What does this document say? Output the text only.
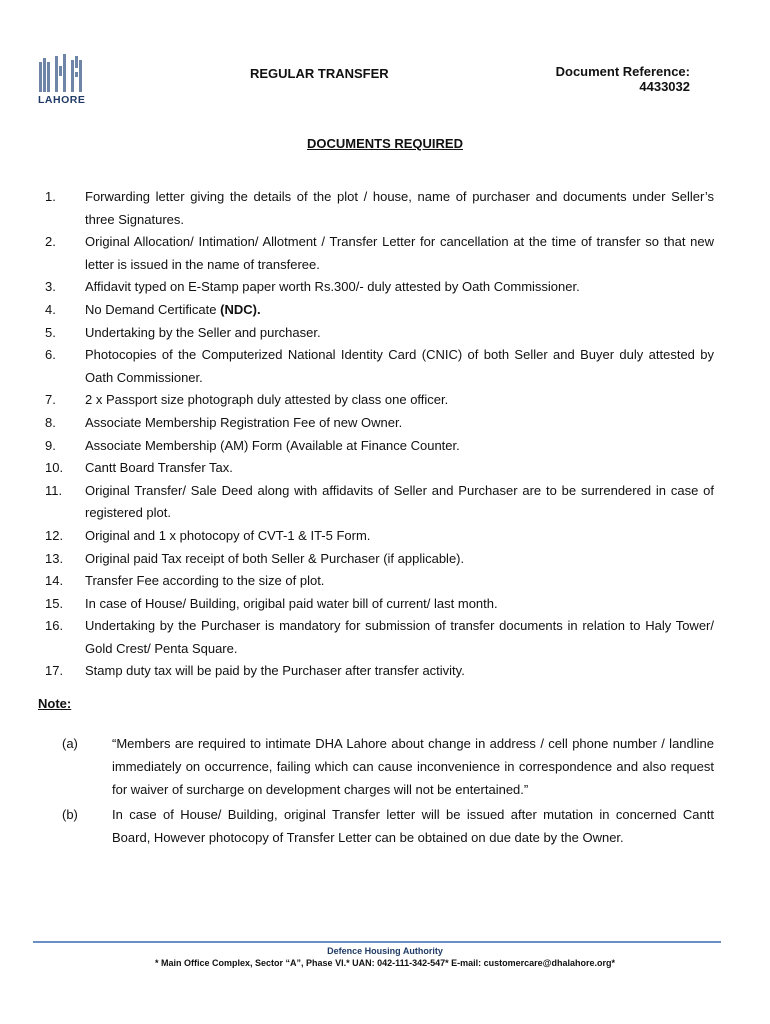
LAHORE
REGULAR TRANSFER	Document Reference:
4433032
DOCUMENTS REQUIRED
1.	Forwarding letter giving the details of the plot / house, name of purchaser and documents under Seller’s three Signatures.
2.	Original Allocation/ Intimation/ Allotment / Transfer Letter for cancellation at the time of transfer so that new letter is issued in the name of transferee.
3.	Affidavit typed on E-Stamp paper worth Rs.300/- duly attested by Oath Commissioner.
4.	No Demand Certificate (NDC).
5.	Undertaking by the Seller and purchaser.
6.	Photocopies of the Computerized National Identity Card (CNIC) of both Seller and Buyer duly attested by Oath Commissioner.
7.	2 x Passport size photograph duly attested by class one officer.
8.	Associate Membership Registration Fee of new Owner.
9.	Associate Membership (AM) Form (Available at Finance Counter.
10.	Cantt Board Transfer Tax.
11.	Original Transfer/ Sale Deed along with affidavits of Seller and Purchaser are to be surrendered in case of registered plot.
12.	Original and 1 x photocopy of CVT-1 & IT-5 Form.
13.	Original paid Tax receipt of both Seller & Purchaser (if applicable).
14.	Transfer Fee according to the size of plot.
15.	In case of House/ Building, origibal paid water bill of current/ last month.
16.	Undertaking by the Purchaser is mandatory for submission of transfer documents in relation to Haly Tower/ Gold Crest/ Penta Square.
17.	Stamp duty tax will be paid by the Purchaser after transfer activity.
Note:
(a)	“Members are required to intimate DHA Lahore about change in address / cell phone number / landline immediately on occurrence, failing which can cause inconvenience in correspondence and also request for waiver of surcharge on development charges will not be entertained.”
(b)	In case of House/ Building, original Transfer letter will be issued after mutation in concerned Cantt Board, However photocopy of Transfer Letter can be obtained on due date by the Owner.
Defence Housing Authority
* Main Office Complex, Sector “A”, Phase VI.* UAN: 042-111-342-547* E-mail: customercare@dhalahore.org*
